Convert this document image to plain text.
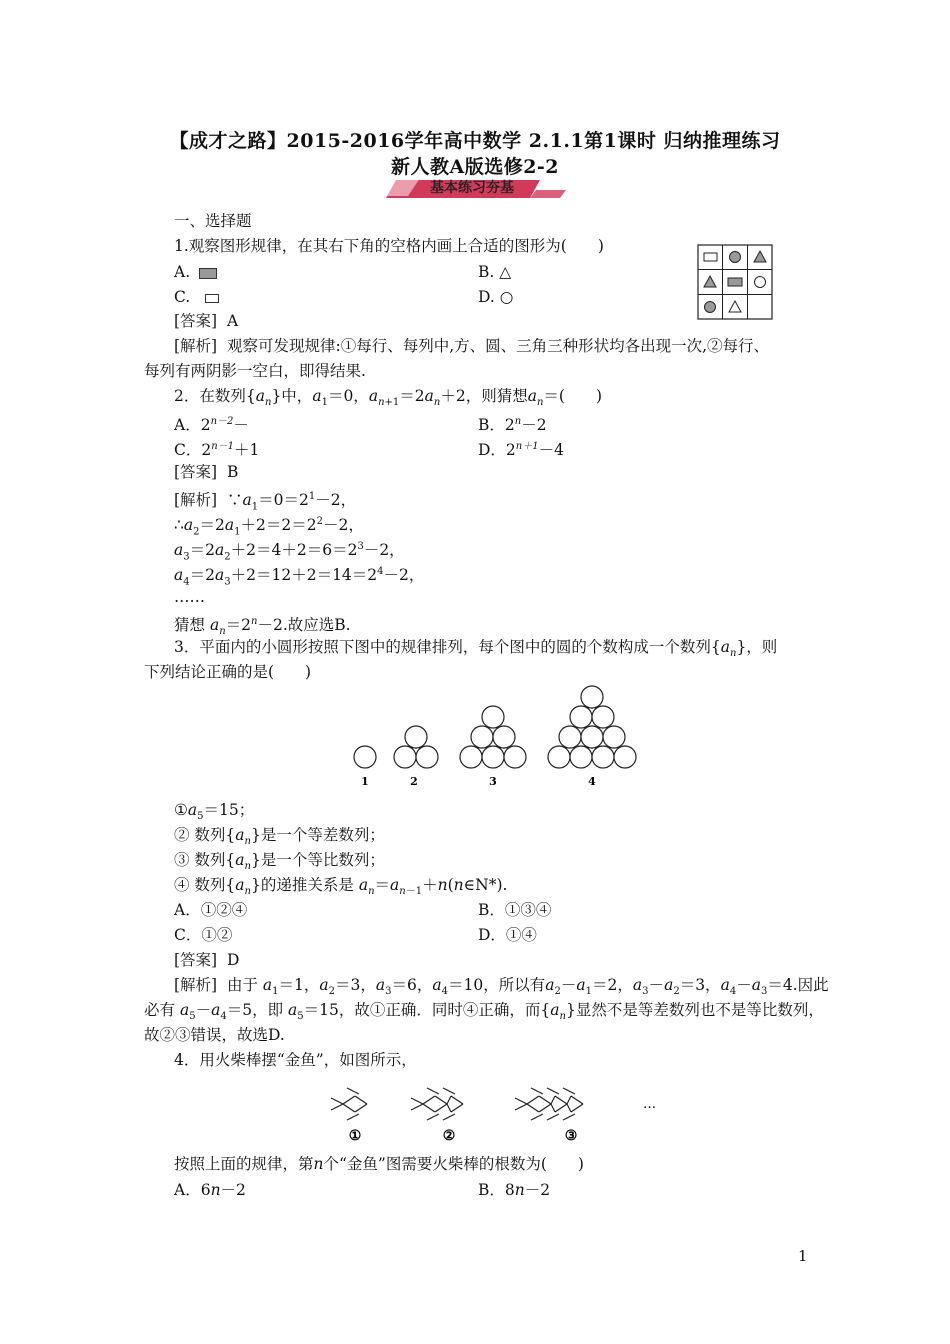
【成才之路】2015-2016学年高中数学 2.1.1第1课时 归纳推理练习
新人教A版选修2-2
基本练习夯基
一、选择题
1.观察图形规律，在其右下角的空格内画上合适的图形为(　　)
A.	B. △
C.	D. ○
[答案] A
[解析] 观察可发现规律:①每行、每列中,方、圆、三角三种形状均各出现一次,②每行、
每列有两阴影一空白，即得结果.
2．在数列$\{a_n\}$中，$a_1=0$，$a_{n+1}=2a_n+2$，则猜想$a_n=$(　　)
A．$2^{n-2}-$	B．$2^n-2$
C．$2^{n-1}+1$	D．$2^{n+1}-4$
[答案] B
[解析] $\because a_1=0=2^1-2$，
$\therefore a_2=2a_1+2=2=2^2-2$，
$a_3=2a_2+2=4+2=6=2^3-2$，
$a_4=2a_3+2=12+2=14=2^4-2$，
……
猜想 $a_n=2^n-2$.故应选B.
3．平面内的小圆形按照下图中的规律排列，每个图中的圆的个数构成一个数列$\{a_n\}$，则
下列结论正确的是(　　)
1	2	3	4
$①a_5=15$；
② 数列$\{a_n\}$是一个等差数列；
③ 数列$\{a_n\}$是一个等比数列；
④ 数列$\{a_n\}$的递推关系是 $a_n=a_{n-1}+n(n\in N*)$.
A．①②④	B．①③④
C．①②	D．①④
[答案] D
[解析] 由于 $a_1=1$，$a_2=3$，$a_3=6$，$a_4=10$，所以有$a_2-a_1=2$，$a_3-a_2=3$，$a_4-a_3=4$.因此
必有 $a_5-a_4=5$，即 $a_5=15$，故①正确．同时④正确，而$\{a_n\}$显然不是等差数列也不是等比数列，
故②③错误，故选D.
4．用火柴棒摆“金鱼”，如图所示，
…
①	②	③
按照上面的规律，第n个“金鱼”图需要火柴棒的根数为(　　)
A．6n－2	B．8n－2
1
